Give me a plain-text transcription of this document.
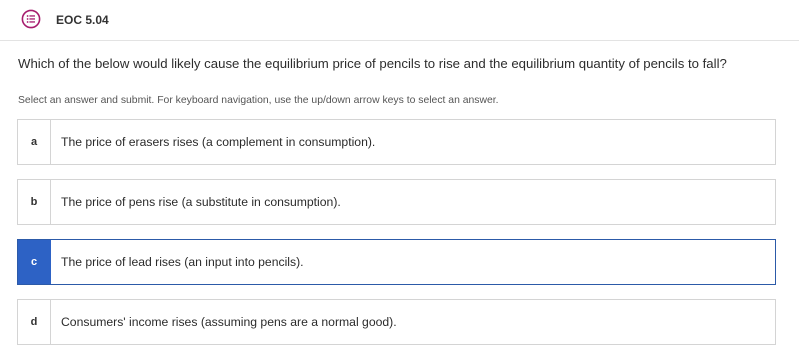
EOC 5.04
Which of the below would likely cause the equilibrium price of pencils to rise and the equilibrium quantity of pencils to fall?
Select an answer and submit. For keyboard navigation, use the up/down arrow keys to select an answer.
a	The price of erasers rises (a complement in consumption).
b	The price of pens rise (a substitute in consumption).
c	The price of lead rises (an input into pencils).
d	Consumers' income rises (assuming pens are a normal good).
